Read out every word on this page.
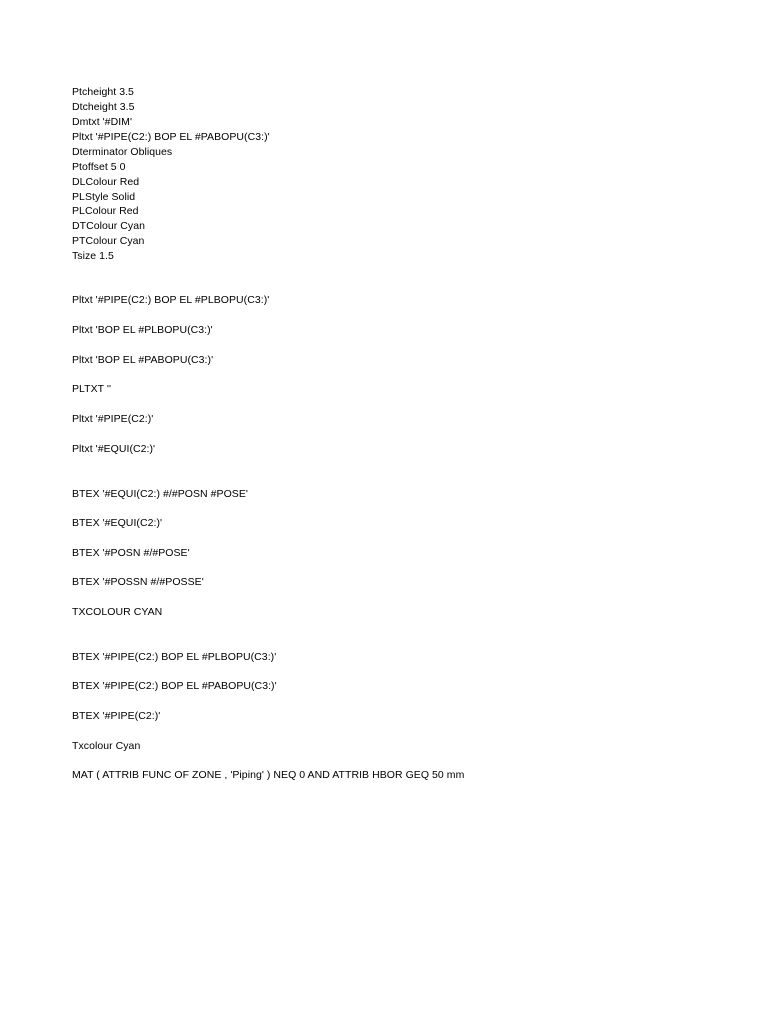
Ptcheight 3.5
Dtcheight 3.5
Dmtxt '#DIM'
Pltxt '#PIPE(C2:) BOP EL #PABOPU(C3:)'
Dterminator Obliques
Ptoffset 5 0
DLColour Red
PLStyle Solid
PLColour Red
DTColour Cyan
PTColour Cyan
Tsize 1.5
Pltxt '#PIPE(C2:) BOP EL #PLBOPU(C3:)'
Pltxt 'BOP EL #PLBOPU(C3:)'
Pltxt 'BOP EL #PABOPU(C3:)'
PLTXT ''
Pltxt '#PIPE(C2:)'
Pltxt '#EQUI(C2:)'
BTEX '#EQUI(C2:) #/#POSN #POSE'
BTEX '#EQUI(C2:)'
BTEX '#POSN #/#POSE'
BTEX '#POSSN #/#POSSE'
TXCOLOUR CYAN
BTEX '#PIPE(C2:) BOP EL #PLBOPU(C3:)'
BTEX '#PIPE(C2:) BOP EL #PABOPU(C3:)'
BTEX '#PIPE(C2:)'
Txcolour Cyan
MAT ( ATTRIB FUNC OF ZONE , 'Piping' ) NEQ 0 AND ATTRIB HBOR GEQ 50 mm
